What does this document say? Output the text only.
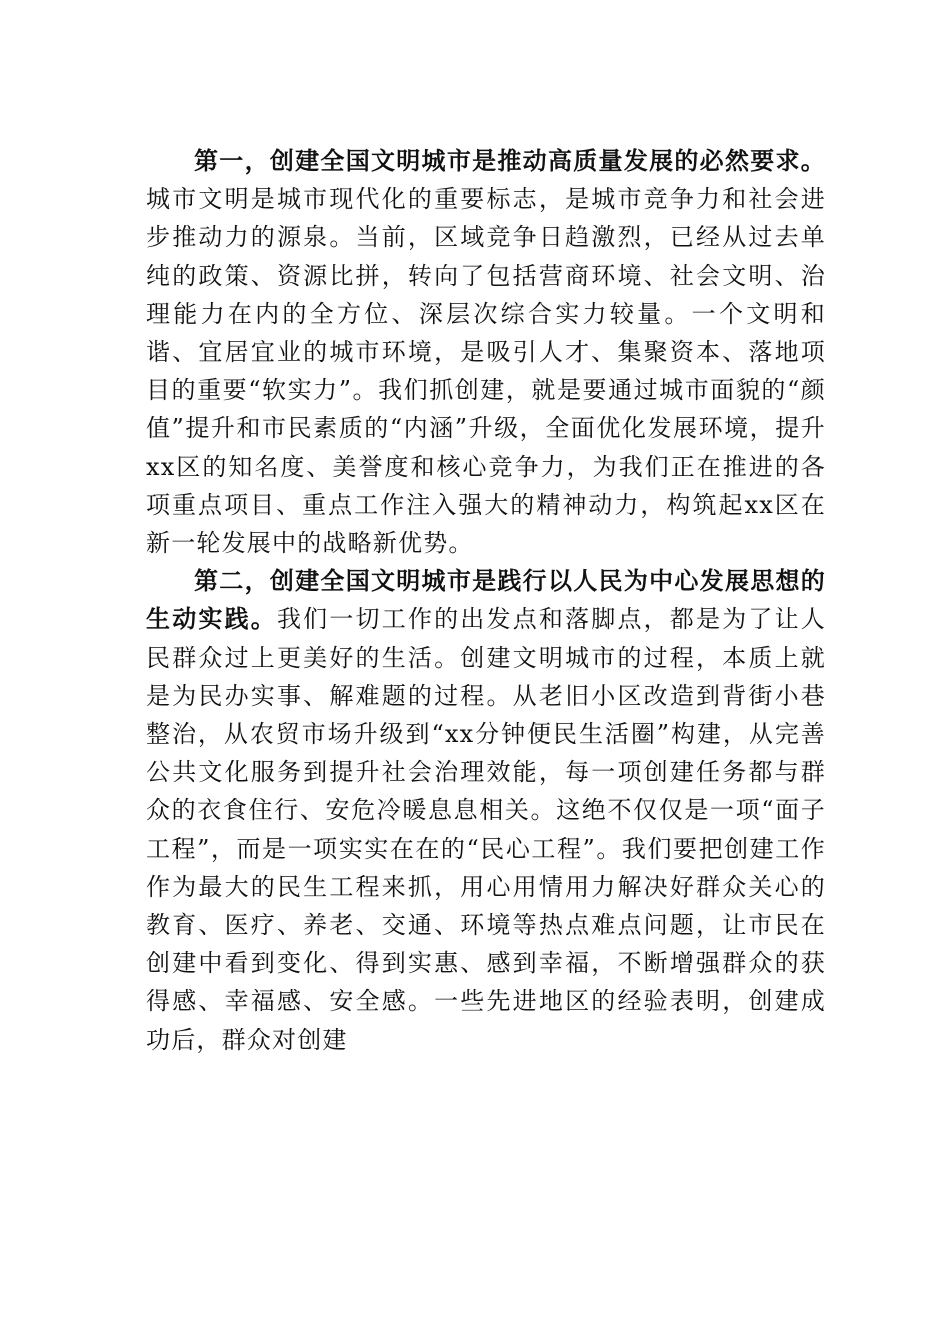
第一，创建全国文明城市是推动高质量发展的必然要求。城市文明是城市现代化的重要标志，是城市竞争力和社会进步推动力的源泉。当前，区域竞争日趋激烈，已经从过去单纯的政策、资源比拼，转向了包括营商环境、社会文明、治理能力在内的全方位、深层次综合实力较量。一个文明和谐、宜居宜业的城市环境，是吸引人才、集聚资本、落地项目的重要“软实力”。我们抓创建，就是要通过城市面貌的“颜值”提升和市民素质的“内涵”升级，全面优化发展环境，提升xx区的知名度、美誉度和核心竞争力，为我们正在推进的各项重点项目、重点工作注入强大的精神动力，构筑起xx区在新一轮发展中的战略新优势。

第二，创建全国文明城市是践行以人民为中心发展思想的生动实践。我们一切工作的出发点和落脚点，都是为了让人民群众过上更美好的生活。创建文明城市的过程，本质上就是为民办实事、解难题的过程。从老旧小区改造到背街小巷整治，从农贸市场升级到“xx分钟便民生活圈”构建，从完善公共文化服务到提升社会治理效能，每一项创建任务都与群众的衣食住行、安危冷暖息息相关。这绝不仅仅是一项“面子工程”，而是一项实实在在的“民心工程”。我们要把创建工作作为最大的民生工程来抓，用心用情用力解决好群众关心的教育、医疗、养老、交通、环境等热点难点问题，让市民在创建中看到变化、得到实惠、感到幸福，不断增强群众的获得感、幸福感、安全感。一些先进地区的经验表明，创建成功后，群众对创建
